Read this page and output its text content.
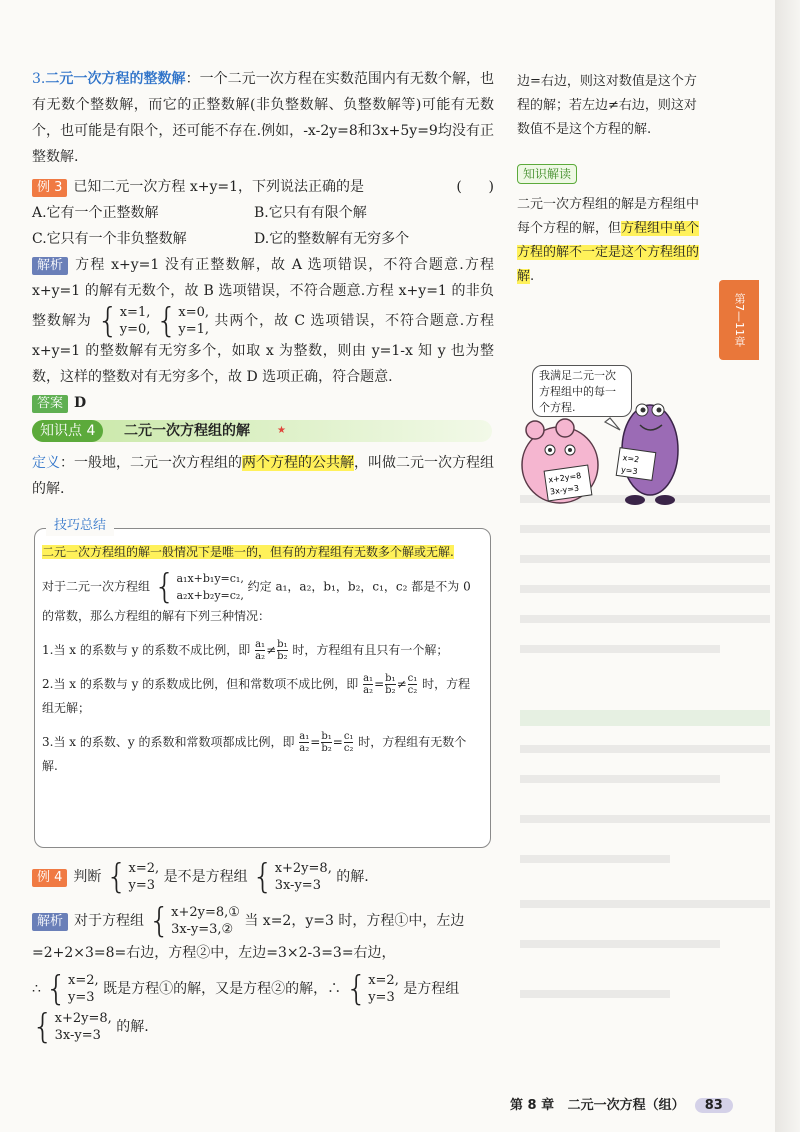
3.二元一次方程的整数解：一个二元一次方程在实数范围内有无数个解，也有无数个整数解，而它的正整数解(非负整数解、负整数解等)可能有无数个，也可能是有限个，还可能不存在.例如，-x-2y=8和3x+5y=9均没有正整数解.

例 3 已知二元一次方程 x+y=1，下列说法正确的是	(      )
A.它有一个正整数解	B.它只有有限个解
C.它只有一个非负整数解	D.它的整数解有无穷多个

解析 方程 x+y=1 没有正整数解，故 A 选项错误，不符合题意.方程 x+y=1 的解有无数个，故 B 选项错误，不符合题意.方程 x+y=1 的非负整数解为 { x=1,
y=0,
{ x=0,
y=1,
共两个，故 C 选项错误，不符合题意.方程 x+y=1 的整数解有无穷多个，如取 x 为整数，则由 y=1-x 知 y 也为整数，这样的整数对有无穷多个，故 D 选项正确，符合题意.

答案 D
知识点 4	二元一次方程组的解	★

定义：一般地，二元一次方程组的两个方程的公共解，叫做二元一次方程组的解.

技巧总结
二元一次方程组的解一般情况下是唯一的，但有的方程组有无数多个解或无解.
对于二元一次方程组 { a₁x+b₁y=c₁,
a₂x+b₂y=c₂,
约定 a₁，a₂，b₁，b₂，c₁，c₂ 都是不为 0 的常数，那么方程组的解有下列三种情况：
1.当 x 的系数与 y 的系数不成比例，即 $\frac{\text{a₁}}{\text{a₂}} \ne \frac{\text{b₁}}{\text{b₂}}$ 时，方程组有且只有一个解；
2.当 x 的系数与 y 的系数成比例，但和常数项不成比例，即 $\frac{\text{a₁}}{\text{a₂}} = \frac{\text{b₁}}{\text{b₂}} \ne \frac{\text{c₁}}{\text{c₂}}$ 时，方程组无解；
3.当 x 的系数、y 的系数和常数项都成比例，即 $\frac{\text{a₁}}{\text{a₂}} = \frac{\text{b₁}}{\text{b₂}} = \frac{\text{c₁}}{\text{c₂}}$ 时，方程组有无数个解.
例 4 判断 { x=2,
y=3
是不是方程组 { x+2y=8,
3x-y=3
的解.
解析 对于方程组 { x+2y=8,①
3x-y=3,②
当 x=2，y=3 时，方程①中，左边=2+2×3=8=右边，方程②中，左边=3×2-3=3=右边，
∴ { x=2,
y=3
既是方程①的解，又是方程②的解，∴ { x=2,
y=3
是方程组
{ x+2y=8,
3x-y=3
的解.
边=右边，则这对数值是这个方程的解；若左边≠右边，则这对数值不是这个方程的解.
知识解读
二元一次方程组的解是方程组中每个方程的解，但方程组中单个方程的解不一定是这个方程组的解.
第7—11章
我满足二元一次方程组中的每一个方程.
x+2y=8
3x-y=3
x=2
y=3
第 8 章   二元一次方程（组） 83
